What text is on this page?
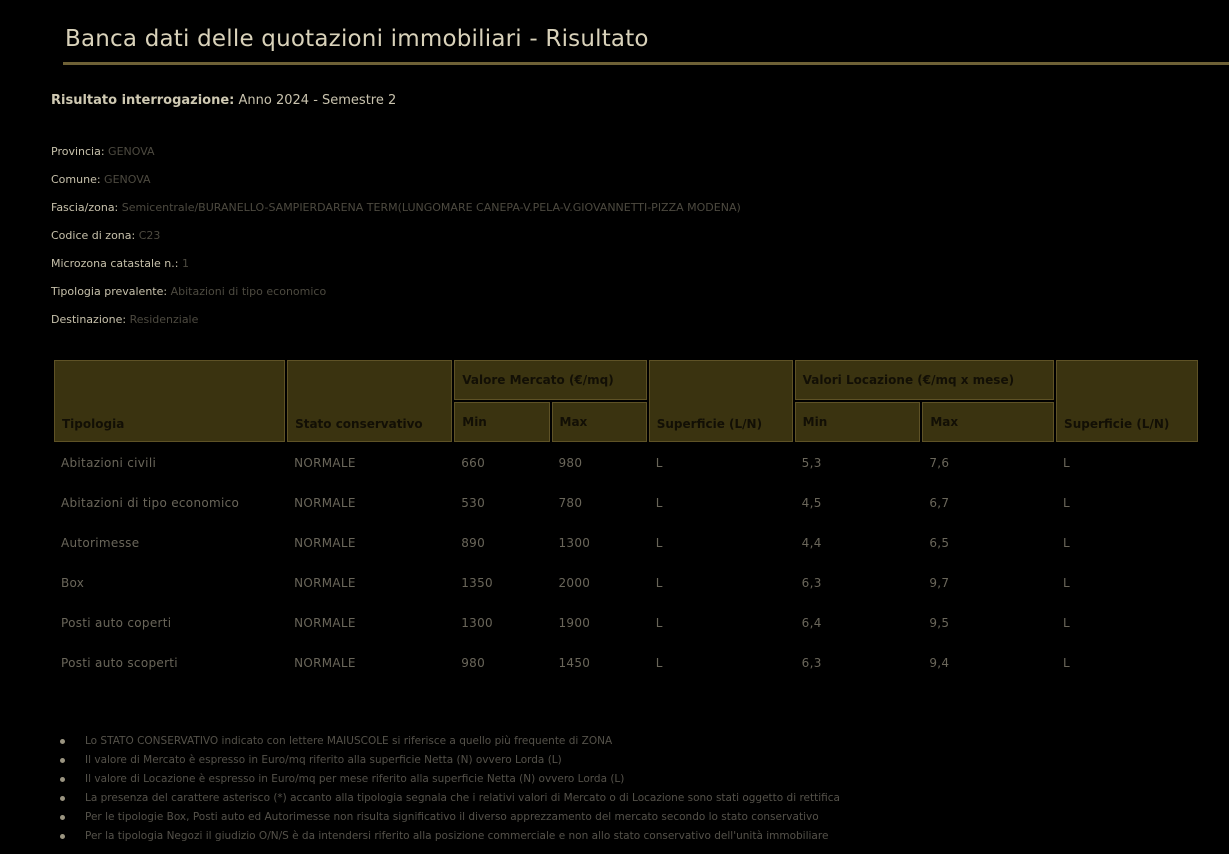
Banca dati delle quotazioni immobiliari - Risultato
Risultato interrogazione: Anno 2024 - Semestre 2
Provincia: GENOVA
Comune: GENOVA
Fascia/zona: Semicentrale/BURANELLO-SAMPIERDARENA TERM(LUNGOMARE CANEPA-V.PELA-V.GIOVANNETTI-PIZZA MODENA)
Codice di zona: C23
Microzona catastale n.: 1
Tipologia prevalente: Abitazioni di tipo economico
Destinazione: Residenziale
Tipologia	Stato conservativo	Valore Mercato (€/mq)		Superficie (L/N)	Valori Locazione (€/mq x mese)		Superficie (L/N)
		Min	Max		Min	Max	
Abitazioni civili	NORMALE	660	980	L	5,3	7,6	L
Abitazioni di tipo economico	NORMALE	530	780	L	4,5	6,7	L
Autorimesse	NORMALE	890	1300	L	4,4	6,5	L
Box	NORMALE	1350	2000	L	6,3	9,7	L
Posti auto coperti	NORMALE	1300	1900	L	6,4	9,5	L
Posti auto scoperti	NORMALE	980	1450	L	6,3	9,4	L
Lo STATO CONSERVATIVO indicato con lettere MAIUSCOLE si riferisce a quello più frequente di ZONA
Il valore di Mercato è espresso in Euro/mq riferito alla superficie Netta (N) ovvero Lorda (L)
Il valore di Locazione è espresso in Euro/mq per mese riferito alla superficie Netta (N) ovvero Lorda (L)
La presenza del carattere asterisco (*) accanto alla tipologia segnala che i relativi valori di Mercato o di Locazione sono stati oggetto di rettifica
Per le tipologie Box, Posti auto ed Autorimesse non risulta significativo il diverso apprezzamento del mercato secondo lo stato conservativo
Per la tipologia Negozi il giudizio O/N/S è da intendersi riferito alla posizione commerciale e non allo stato conservativo dell'unità immobiliare
